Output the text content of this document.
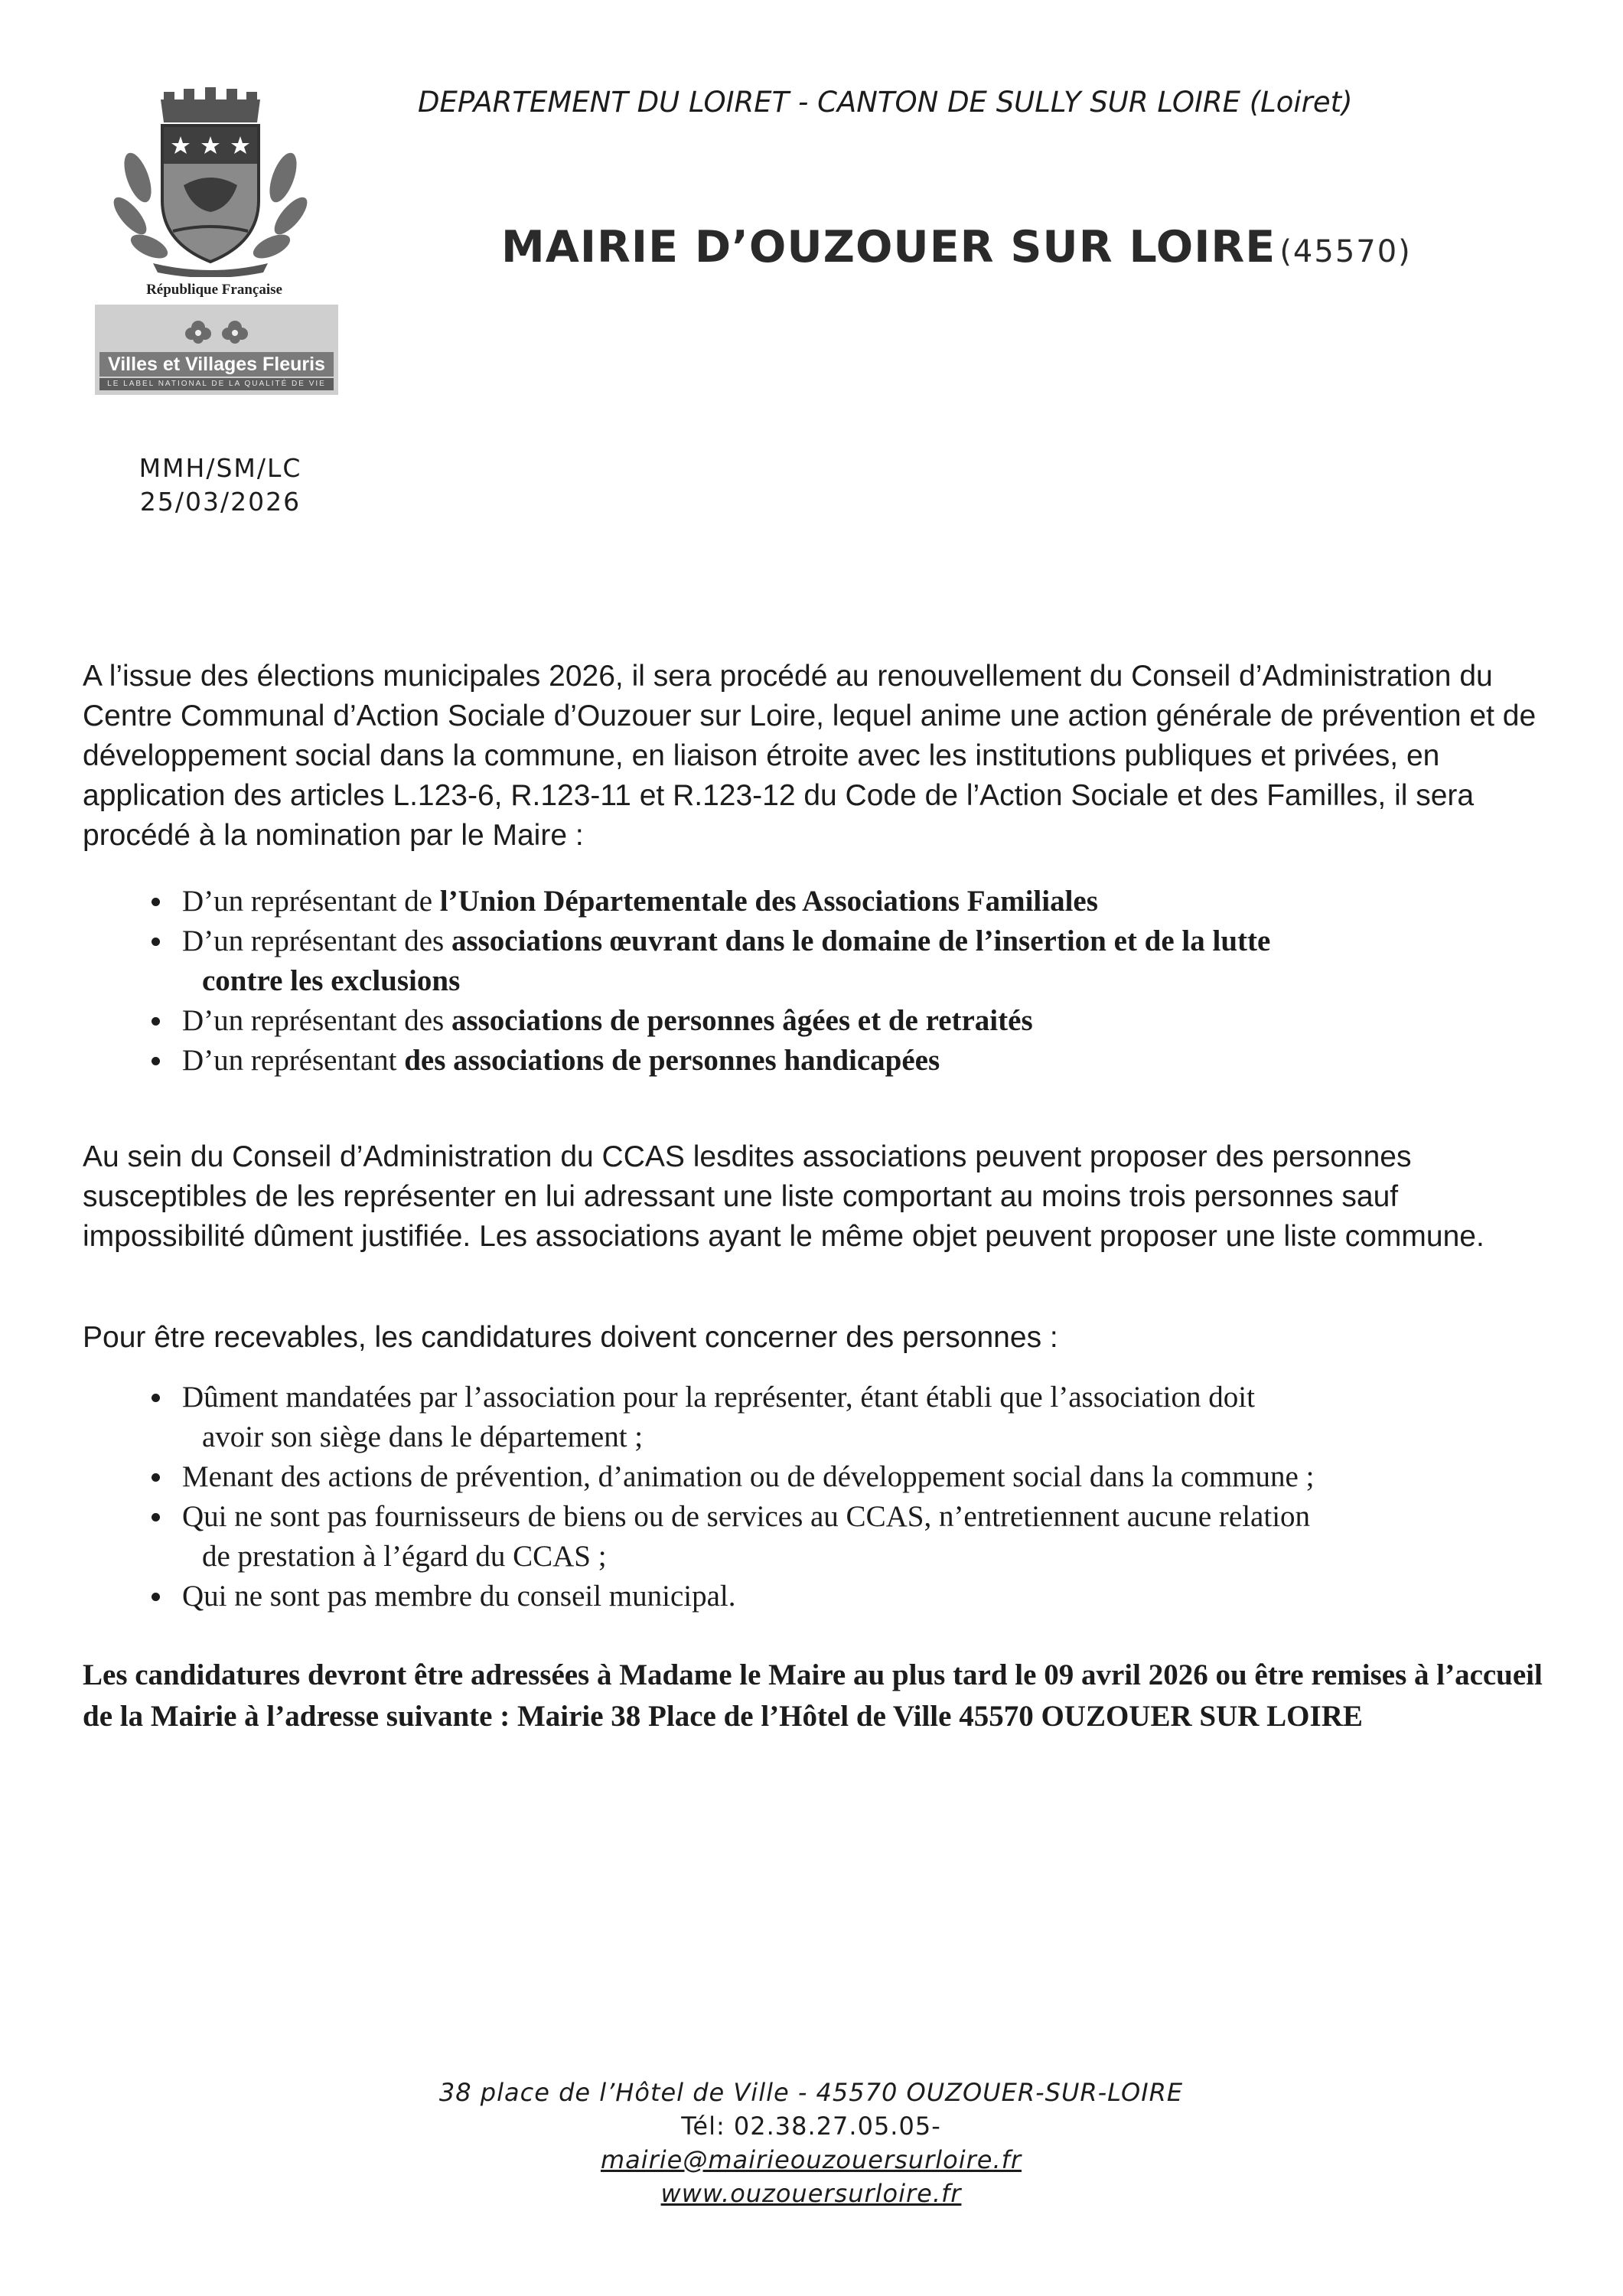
République Française
Villes et Villages Fleuris
LE LABEL NATIONAL DE LA QUALITÉ DE VIE
DEPARTEMENT DU LOIRET - CANTON DE SULLY SUR LOIRE (Loiret)
MAIRIE D’OUZOUER SUR LOIRE (45570)
MMH/SM/LC
25/03/2026

A l’issue des élections municipales 2026, il sera procédé au renouvellement du Conseil d’Administration du Centre Communal d’Action Sociale d’Ouzouer sur Loire, lequel anime une action générale de prévention et de développement social dans la commune, en liaison étroite avec les institutions publiques et privées, en application des articles L.123-6, R.123-11 et R.123-12 du Code de l’Action Sociale et des Familles, il sera procédé à la nomination par le Maire :

D’un représentant de l’Union Départementale des Associations Familiales
D’un représentant des associations œuvrant dans le domaine de l’insertion et de la lutte
contre les exclusions
D’un représentant des associations de personnes âgées et de retraités
D’un représentant des associations de personnes handicapées

Au sein du Conseil d’Administration du CCAS lesdites associations peuvent proposer des personnes susceptibles de les représenter en lui adressant une liste comportant au moins trois personnes sauf impossibilité dûment justifiée. Les associations ayant le même objet peuvent proposer une liste commune.

Pour être recevables, les candidatures doivent concerner des personnes :

Dûment mandatées par l’association pour la représenter, étant établi que l’association doit
avoir son siège dans le département ;
Menant des actions de prévention, d’animation ou de développement social dans la commune ;
Qui ne sont pas fournisseurs de biens ou de services au CCAS, n’entretiennent aucune relation
de prestation à l’égard du CCAS ;
Qui ne sont pas membre du conseil municipal.

Les candidatures devront être adressées à Madame le Maire au plus tard le 09 avril 2026 ou être remises à l’accueil de la Mairie à l’adresse suivante : Mairie 38 Place de l’Hôtel de Ville 45570 OUZOUER SUR LOIRE

38 place de l’Hôtel de Ville - 45570 OUZOUER-SUR-LOIRE
Tél: 02.38.27.05.05-
mairie@mairieouzouersurloire.fr
www.ouzouersurloire.fr
